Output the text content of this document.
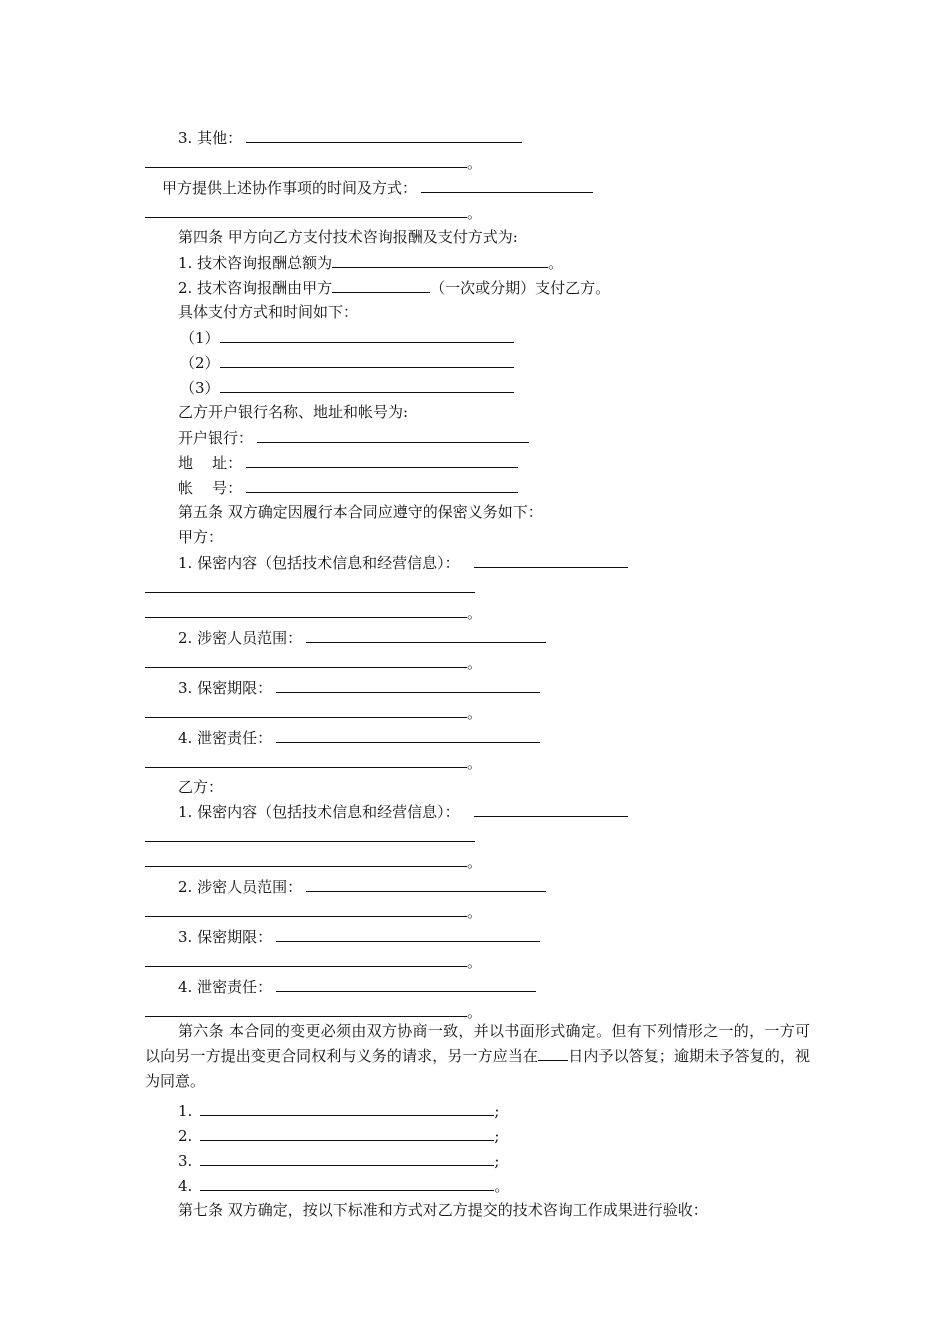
3. 其他：
。
甲方提供上述协作事项的时间及方式：
。
第四条 甲方向乙方支付技术咨询报酬及支付方式为:
1. 技术咨询报酬总额为	。
2. 技术咨询报酬由甲方	（一次或分期）支付乙方。
具体支付方式和时间如下：
（1）
（2）
（3）
乙方开户银行名称、地址和帐号为:
开户银行：
地    址：
帐    号：
第五条 双方确定因履行本合同应遵守的保密义务如下：
甲方：
1. 保密内容（包括技术信息和经营信息）：
。
2. 涉密人员范围：
。
3. 保密期限：
。
4. 泄密责任：
。
乙方：
1. 保密内容（包括技术信息和经营信息）：
。
2. 涉密人员范围：
。
3. 保密期限：
。
4. 泄密责任：
。
第六条 本合同的变更必须由双方协商一致，并以书面形式确定。但有下列情形之一的，一方可以向另一方提出变更合同权利与义务的请求，另一方应当在 日内予以答复；逾期未予答复的，视为同意。
1.	;
2.	;
3.	;
4.	。
第七条 双方确定，按以下标准和方式对乙方提交的技术咨询工作成果进行验收：
